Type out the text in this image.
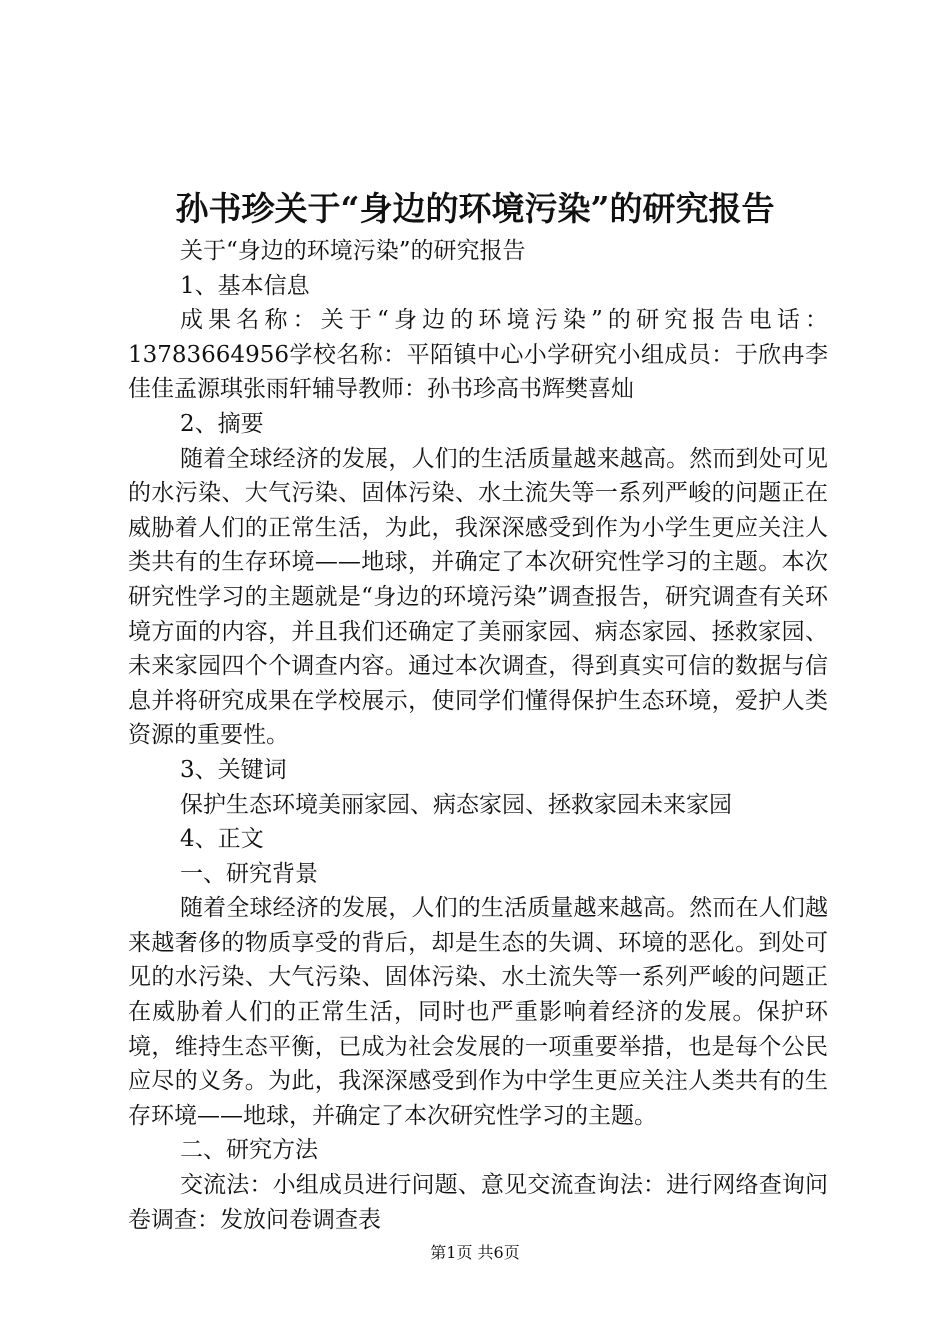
孙书珍关于“身边的环境污染”的研究报告

关于“身边的环境污染”的研究报告

1、基本信息

成果名称：关于“身边的环境污染”的研究报告电话：13783664956学校名称：平陌镇中心小学研究小组成员：于欣冉李佳佳孟源琪张雨轩辅导教师：孙书珍高书辉樊喜灿

2、摘要

随着全球经济的发展，人们的生活质量越来越高。然而到处可见的水污染、大气污染、固体污染、水土流失等一系列严峻的问题正在威胁着人们的正常生活，为此，我深深感受到作为小学生更应关注人类共有的生存环境——地球，并确定了本次研究性学习的主题。本次研究性学习的主题就是“身边的环境污染”调查报告，研究调查有关环境方面的内容，并且我们还确定了美丽家园、病态家园、拯救家园、未来家园四个个调查内容。通过本次调查，得到真实可信的数据与信息并将研究成果在学校展示，使同学们懂得保护生态环境，爱护人类资源的重要性。

3、关键词

保护生态环境美丽家园、病态家园、拯救家园未来家园

4、正文

一、研究背景

随着全球经济的发展，人们的生活质量越来越高。然而在人们越来越奢侈的物质享受的背后，却是生态的失调、环境的恶化。到处可见的水污染、大气污染、固体污染、水土流失等一系列严峻的问题正在威胁着人们的正常生活，同时也严重影响着经济的发展。保护环境，维持生态平衡，已成为社会发展的一项重要举措，也是每个公民应尽的义务。为此，我深深感受到作为中学生更应关注人类共有的生存环境——地球，并确定了本次研究性学习的主题。

二、研究方法

交流法：小组成员进行问题、意见交流查询法：进行网络查询问卷调查：发放问卷调查表

第1页 共6页
